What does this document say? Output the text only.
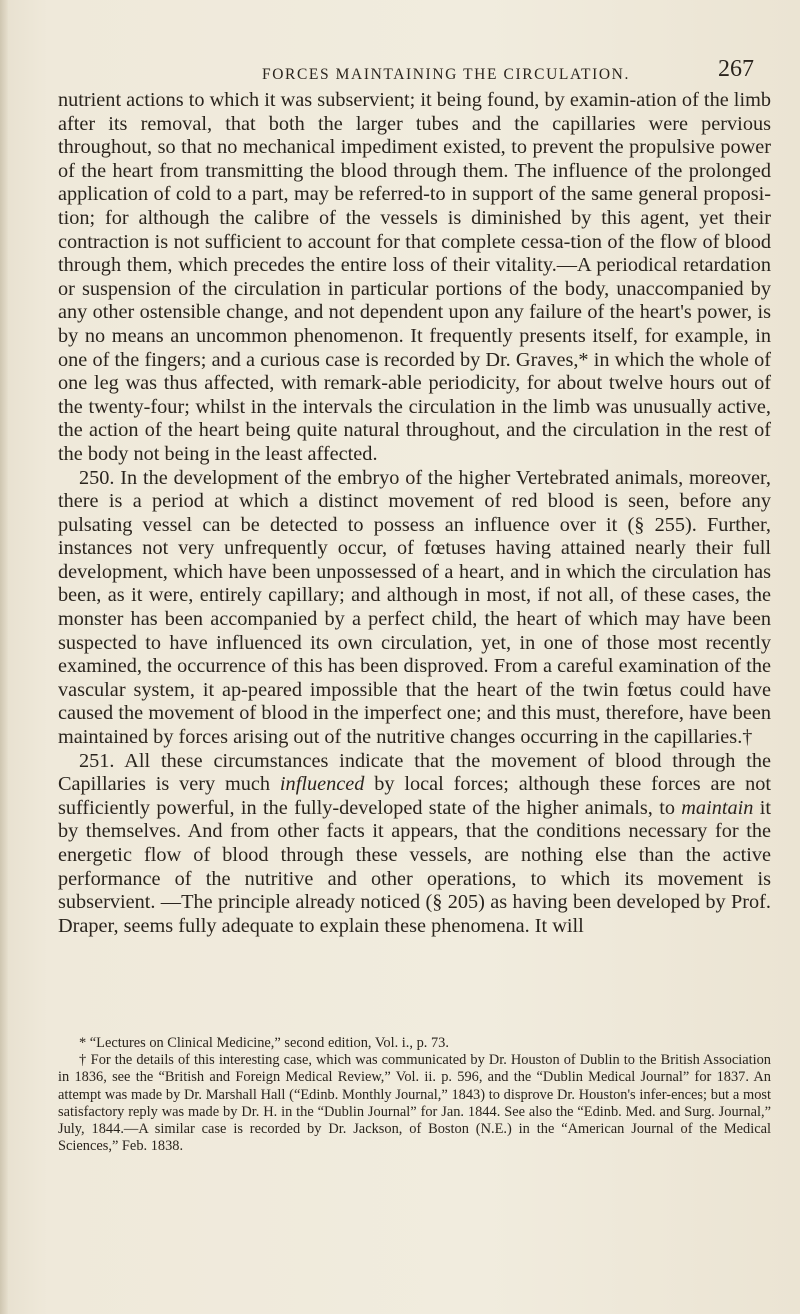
FORCES MAINTAINING THE CIRCULATION.	267

nutrient actions to which it was subservient; it being found, by examin-ation of the limb after its removal, that both the larger tubes and the capillaries were pervious throughout, so that no mechanical impediment existed, to prevent the propulsive power of the heart from transmitting the blood through them. The influence of the prolonged application of cold to a part, may be referred-to in support of the same general proposi-tion; for although the calibre of the vessels is diminished by this agent, yet their contraction is not sufficient to account for that complete cessa-tion of the flow of blood through them, which precedes the entire loss of their vitality.—A periodical retardation or suspension of the circulation in particular portions of the body, unaccompanied by any other ostensible change, and not dependent upon any failure of the heart's power, is by no means an uncommon phenomenon. It frequently presents itself, for example, in one of the fingers; and a curious case is recorded by Dr. Graves,* in which the whole of one leg was thus affected, with remark-able periodicity, for about twelve hours out of the twenty-four; whilst in the intervals the circulation in the limb was unusually active, the action of the heart being quite natural throughout, and the circulation in the rest of the body not being in the least affected.

250. In the development of the embryo of the higher Vertebrated animals, moreover, there is a period at which a distinct movement of red blood is seen, before any pulsating vessel can be detected to possess an influence over it (§ 255). Further, instances not very unfrequently occur, of fœtuses having attained nearly their full development, which have been unpossessed of a heart, and in which the circulation has been, as it were, entirely capillary; and although in most, if not all, of these cases, the monster has been accompanied by a perfect child, the heart of which may have been suspected to have influenced its own circulation, yet, in one of those most recently examined, the occurrence of this has been disproved. From a careful examination of the vascular system, it ap-peared impossible that the heart of the twin fœtus could have caused the movement of blood in the imperfect one; and this must, therefore, have been maintained by forces arising out of the nutritive changes occurring in the capillaries.†

251. All these circumstances indicate that the movement of blood through the Capillaries is very much influenced by local forces; although these forces are not sufficiently powerful, in the fully-developed state of the higher animals, to maintain it by themselves. And from other facts it appears, that the conditions necessary for the energetic flow of blood through these vessels, are nothing else than the active performance of the nutritive and other operations, to which its movement is subservient. —The principle already noticed (§ 205) as having been developed by Prof. Draper, seems fully adequate to explain these phenomena. It will

* “Lectures on Clinical Medicine,” second edition, Vol. i., p. 73.

† For the details of this interesting case, which was communicated by Dr. Houston of Dublin to the British Association in 1836, see the “British and Foreign Medical Review,” Vol. ii. p. 596, and the “Dublin Medical Journal” for 1837. An attempt was made by Dr. Marshall Hall (“Edinb. Monthly Journal,” 1843) to disprove Dr. Houston's infer-ences; but a most satisfactory reply was made by Dr. H. in the “Dublin Journal” for Jan. 1844. See also the “Edinb. Med. and Surg. Journal,” July, 1844.—A similar case is recorded by Dr. Jackson, of Boston (N.E.) in the “American Journal of the Medical Sciences,” Feb. 1838.
